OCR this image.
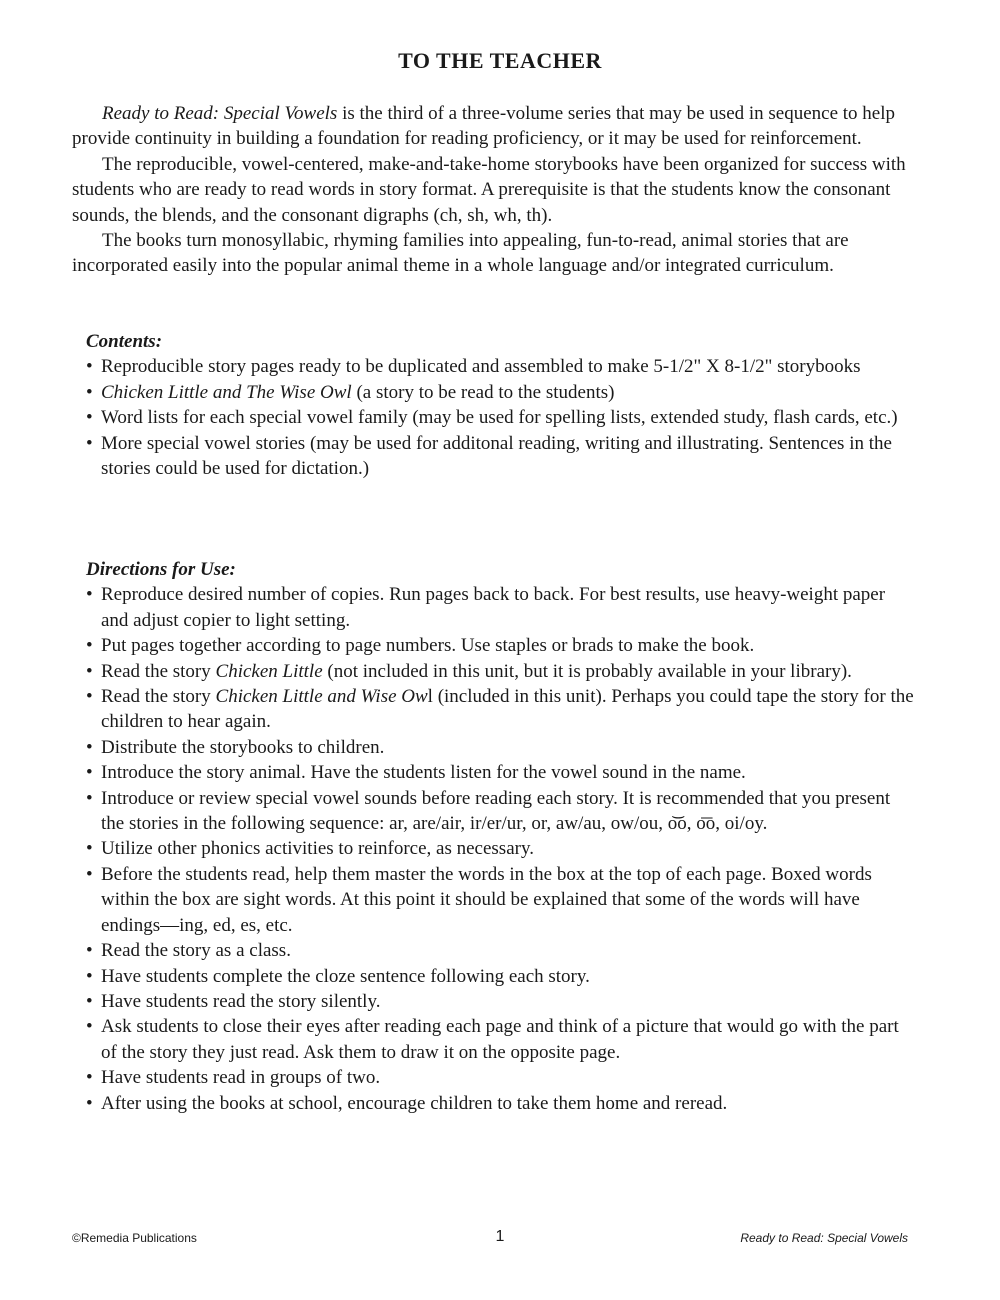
TO THE TEACHER

Ready to Read: Special Vowels is the third of a three-volume series that may be used in sequence to help provide continuity in building a foundation for reading proficiency, or it may be used for reinforcement.

The reproducible, vowel-centered, make-and-take-home storybooks have been organized for success with students who are ready to read words in story format. A prerequisite is that the students know the consonant sounds, the blends, and the consonant digraphs (ch, sh, wh, th).

The books turn monosyllabic, rhyming families into appealing, fun-to-read, animal stories that are incorporated easily into the popular animal theme in a whole language and/or integrated curriculum.

Contents:

• Reproducible story pages ready to be duplicated and assembled to make 5-1/2" X 8-1/2" storybooks
• Chicken Little and The Wise Owl (a story to be read to the students)
• Word lists for each special vowel family (may be used for spelling lists, extended study, flash cards, etc.)
• More special vowel stories (may be used for additonal reading, writing and illustrating. Sentences in the stories could be used for dictation.)

Directions for Use:

• Reproduce desired number of copies. Run pages back to back. For best results, use heavy-weight paper and adjust copier to light setting.
• Put pages together according to page numbers. Use staples or brads to make the book.
• Read the story Chicken Little (not included in this unit, but it is probably available in your library).
• Read the story Chicken Little and Wise Owl (included in this unit). Perhaps you could tape the story for the children to hear again.
• Distribute the storybooks to children.
• Introduce the story animal. Have the students listen for the vowel sound in the name.
• Introduce or review special vowel sounds before reading each story. It is recommended that you present the stories in the following sequence: ar, are/air, ir/er/ur, or, aw/au, ow/ou, o͝o, o͞o, oi/oy.
• Utilize other phonics activities to reinforce, as necessary.
• Before the students read, help them master the words in the box at the top of each page. Boxed words within the box are sight words. At this point it should be explained that some of the words will have endings—ing, ed, es, etc.
• Read the story as a class.
• Have students complete the cloze sentence following each story.
• Have students read the story silently.
• Ask students to close their eyes after reading each page and think of a picture that would go with the part of the story they just read. Ask them to draw it on the opposite page.
• Have students read in groups of two.
• After using the books at school, encourage children to take them home and reread.
©Remedia Publications	1	Ready to Read: Special Vowels
